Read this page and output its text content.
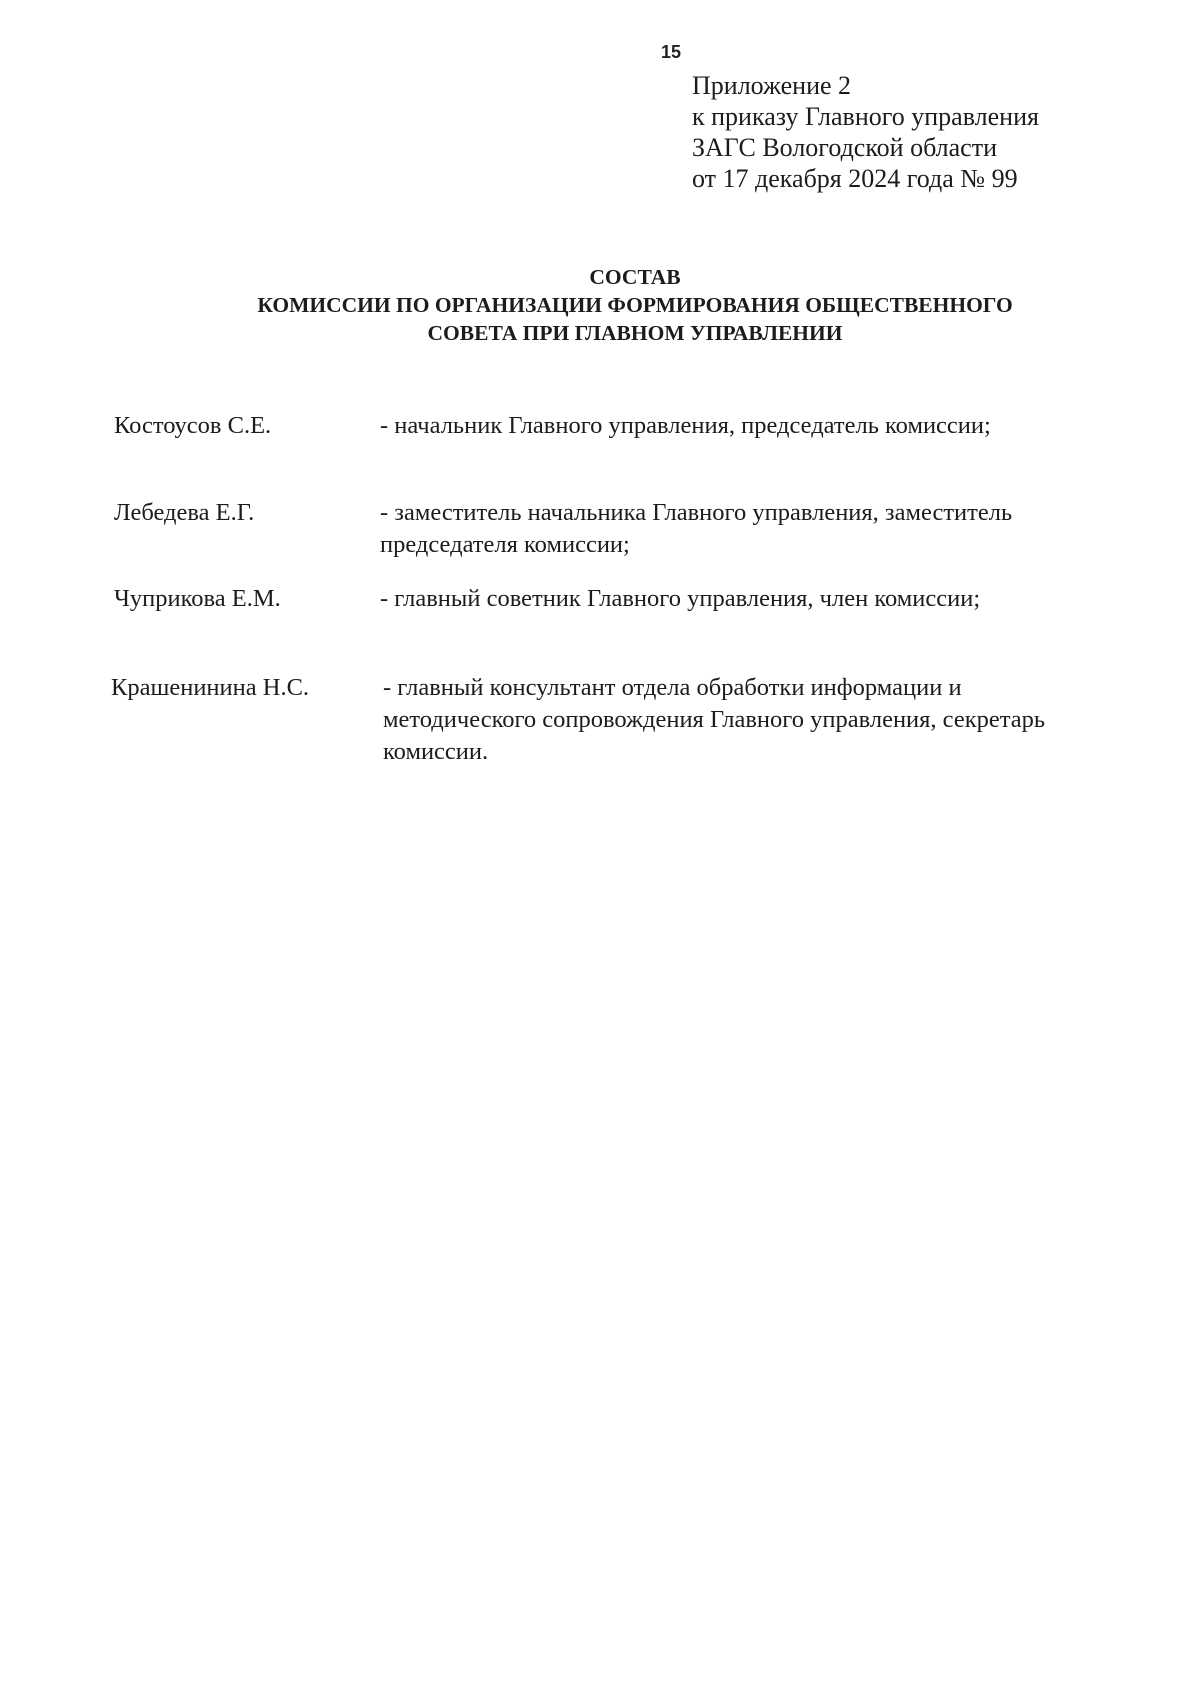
15
Приложение 2
к приказу Главного управления
ЗАГС Вологодской области
от 17 декабря 2024 года № 99
СОСТАВ
КОМИССИИ ПО ОРГАНИЗАЦИИ ФОРМИРОВАНИЯ ОБЩЕСТВЕННОГО
СОВЕТА ПРИ ГЛАВНОМ УПРАВЛЕНИИ
Костоусов С.Е.	- начальник Главного управления, председатель комиссии;
Лебедева Е.Г.	- заместитель начальника Главного управления, заместитель председателя комиссии;
Чуприкова Е.М.	- главный советник Главного управления, член комиссии;
Крашенинина Н.С.	- главный консультант отдела обработки информации и методического сопровождения Главного управления, секретарь комиссии.
